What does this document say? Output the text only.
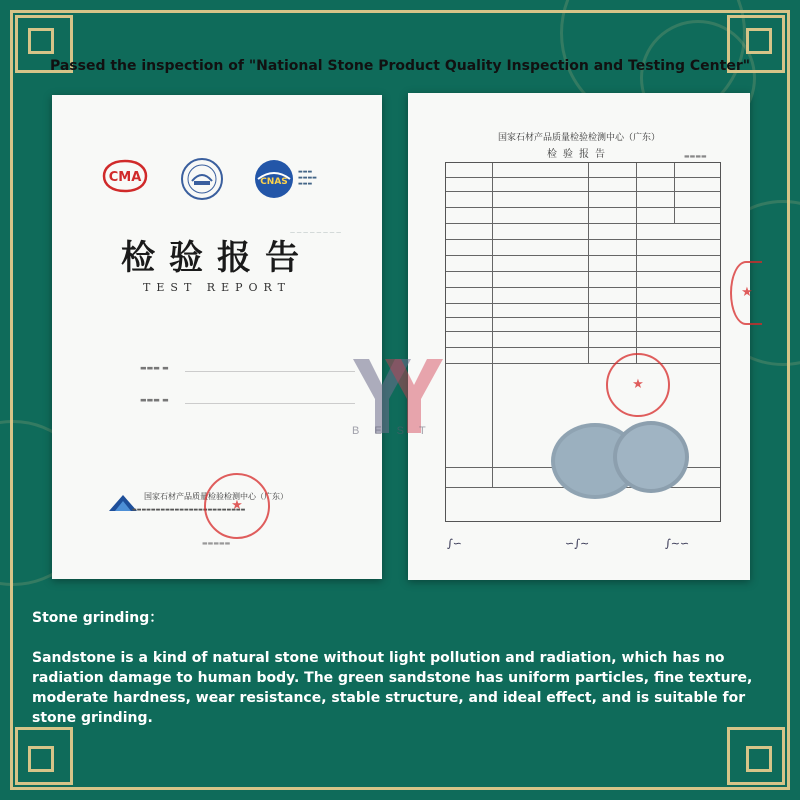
Passed the inspection of "National Stone Product Quality Inspection and Testing Center"
— — — — — — — —
CMA	CNAS
▬▬▬
▬▬▬▬
▬▬▬
检验报告
TEST REPORT
▬▬▬ ▬
▬▬▬ ▬
国家石材产品质量检验检测中心（广东）
▬▬▬▬▬▬▬▬▬▬▬▬▬▬▬▬▬▬▬▬▬▬▬▬
★
▬▬▬▬▬
国家石材产品质量检验检测中心（广东）
检验报告	▬▬▬▬
★
★
∫∽	∽∫∼	∫∼∽
BEST

Stone grinding：

Sandstone is a kind of natural stone without light pollution and radiation, which has no radiation damage to human body. The green sandstone has uniform particles, fine texture, moderate hardness, wear resistance, stable structure, and ideal effect, and is suitable for stone grinding.
